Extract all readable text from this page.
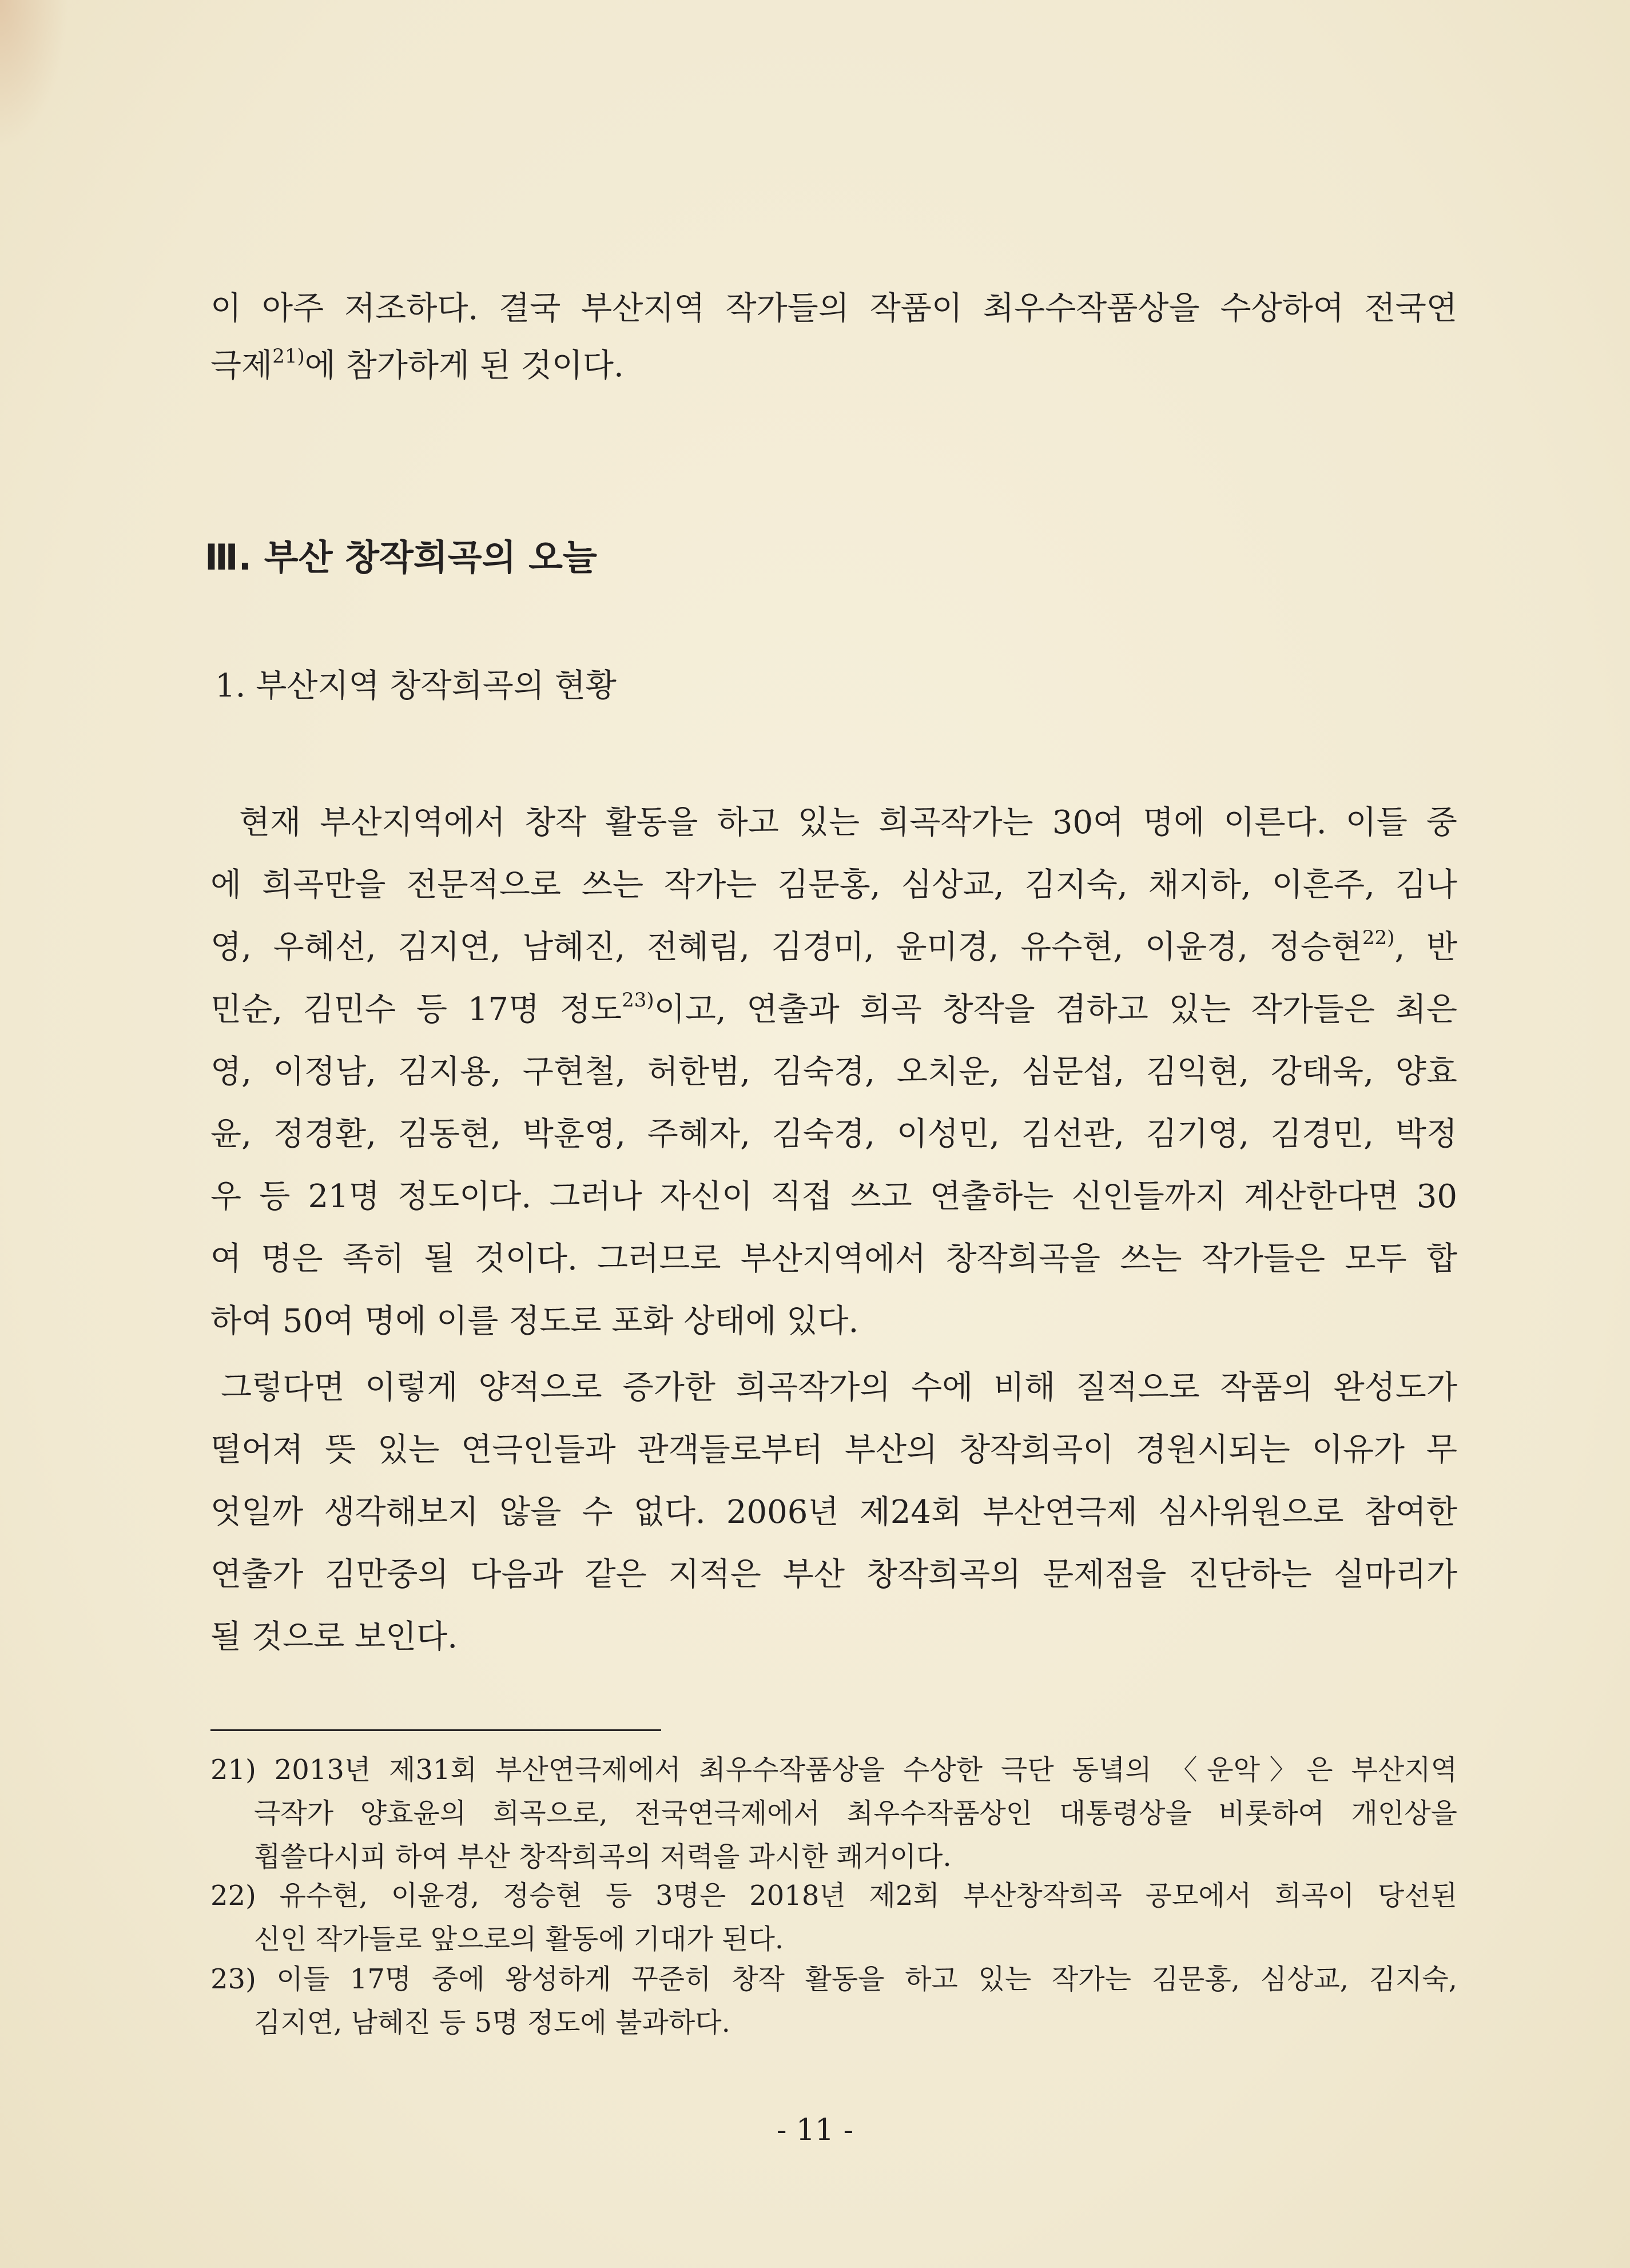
이 아주 저조하다. 결국 부산지역 작가들의 작품이 최우수작품상을 수상하여 전국연
극제$^{21)}$에 참가하게 된 것이다.
Ⅲ. 부산 창작희곡의 오늘
1. 부산지역 창작희곡의 현황
현재 부산지역에서 창작 활동을 하고 있는 희곡작가는 30여 명에 이른다. 이들 중
에 희곡만을 전문적으로 쓰는 작가는 김문홍, 심상교, 김지숙, 채지하, 이흔주, 김나
영, 우혜선, 김지연, 남혜진, 전혜림, 김경미, 윤미경, 유수현, 이윤경, 정승현$^{22)}$, 반
민순, 김민수 등 17명 정도$^{23)}$이고, 연출과 희곡 창작을 겸하고 있는 작가들은 최은
영, 이정남, 김지용, 구현철, 허한범, 김숙경, 오치운, 심문섭, 김익현, 강태욱, 양효
윤, 정경환, 김동현, 박훈영, 주혜자, 김숙경, 이성민, 김선관, 김기영, 김경민, 박정
우 등 21명 정도이다. 그러나 자신이 직접 쓰고 연출하는 신인들까지 계산한다면 30
여 명은 족히 될 것이다. 그러므로 부산지역에서 창작희곡을 쓰는 작가들은 모두 합
하여 50여 명에 이를 정도로 포화 상태에 있다.
그렇다면 이렇게 양적으로 증가한 희곡작가의 수에 비해 질적으로 작품의 완성도가
떨어져 뜻 있는 연극인들과 관객들로부터 부산의 창작희곡이 경원시되는 이유가 무
엇일까 생각해보지 않을 수 없다. 2006년 제24회 부산연극제 심사위원으로 참여한
연출가 김만중의 다음과 같은 지적은 부산 창작희곡의 문제점을 진단하는 실마리가
될 것으로 보인다.
21) 2013년 제31회 부산연극제에서 최우수작품상을 수상한 극단 동녘의 〈운악〉은 부산지역
극작가 양효윤의 희곡으로, 전국연극제에서 최우수작품상인 대통령상을 비롯하여 개인상을
휩쓸다시피 하여 부산 창작희곡의 저력을 과시한 쾌거이다.
22) 유수현, 이윤경, 정승현 등 3명은 2018년 제2회 부산창작희곡 공모에서 희곡이 당선된
신인 작가들로 앞으로의 활동에 기대가 된다.
23) 이들 17명 중에 왕성하게 꾸준히 창작 활동을 하고 있는 작가는 김문홍, 심상교, 김지숙,
김지연, 남혜진 등 5명 정도에 불과하다.
- 11 -
